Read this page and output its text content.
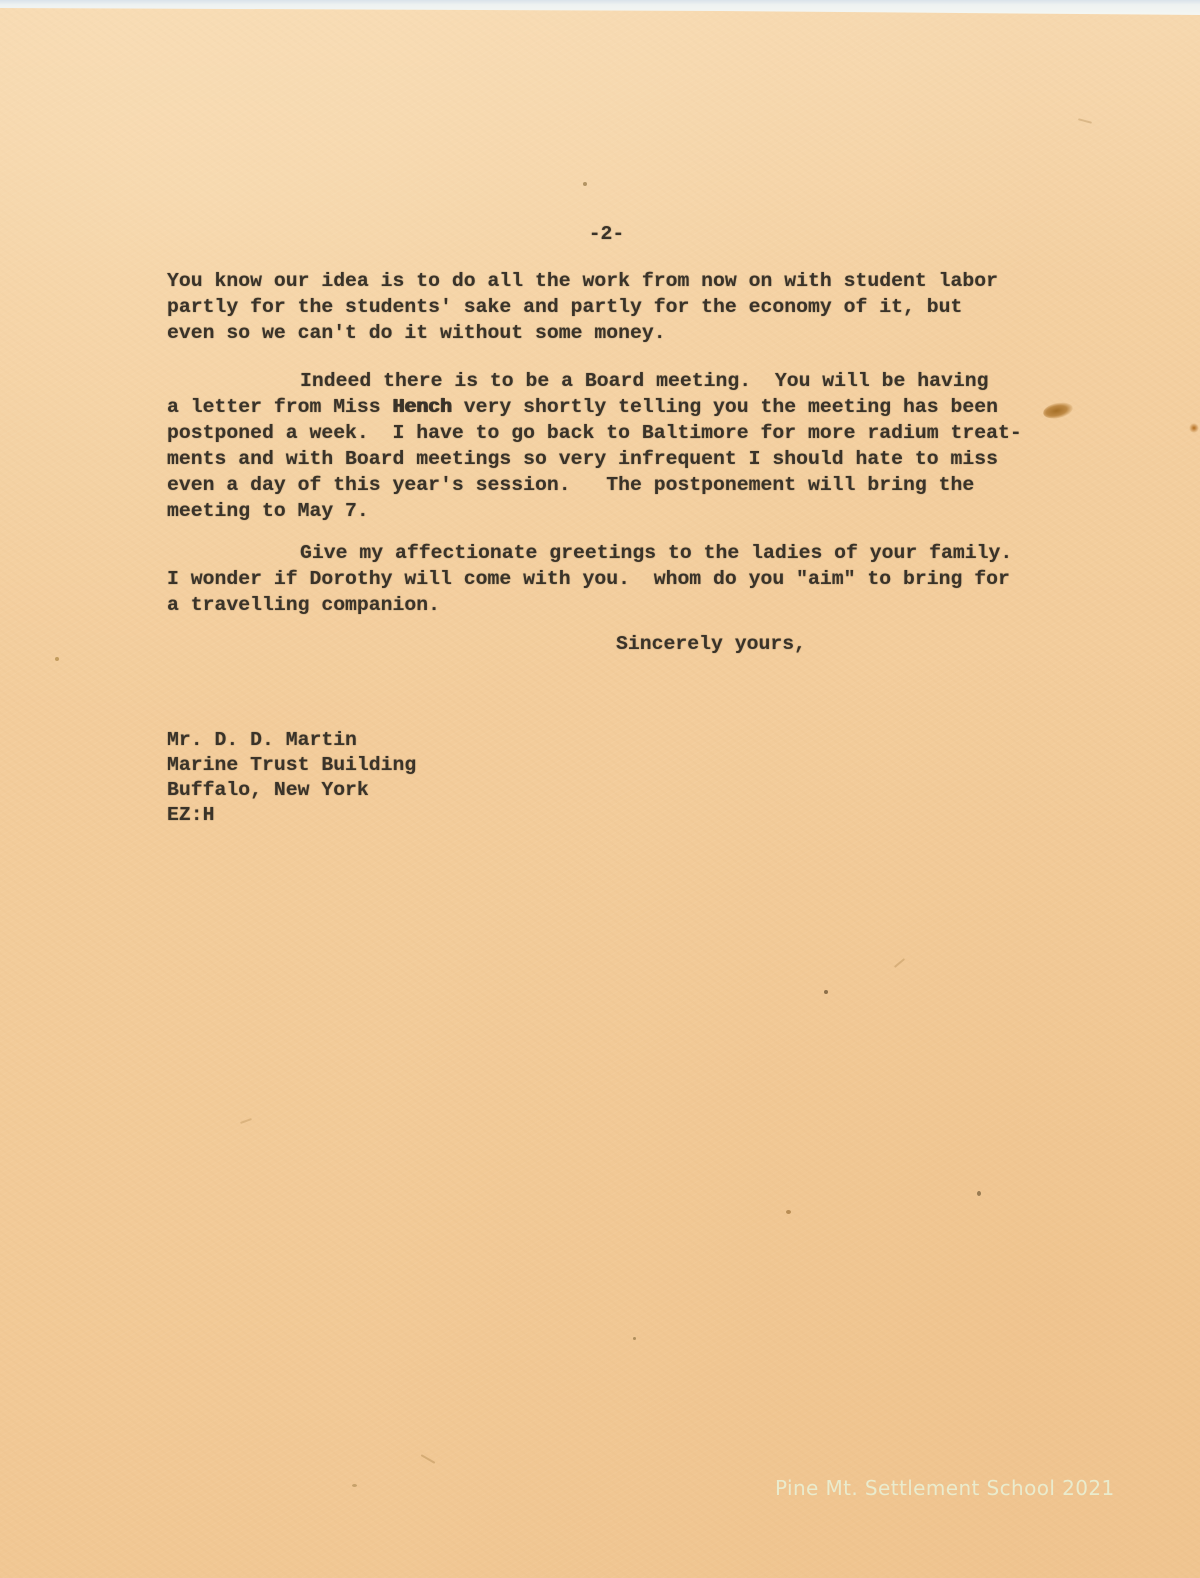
-2-
You know our idea is to do all the work from now on with student labor
partly for the students' sake and partly for the economy of it, but
even so we can't do it without some money.
Indeed there is to be a Board meeting.  You will be having
a letter from Miss Hench very shortly telling you the meeting has been
postponed a week.  I have to go back to Baltimore for more radium treat-
ments and with Board meetings so very infrequent I should hate to miss
even a day of this year's session.   The postponement will bring the
meeting to May 7.
Give my affectionate greetings to the ladies of your family.
I wonder if Dorothy will come with you.  whom do you "aim" to bring for
a travelling companion.
Sincerely yours,
Mr. D. D. Martin
Marine Trust Building
Buffalo, New York
EZ:H
Pine Mt. Settlement School 2021
